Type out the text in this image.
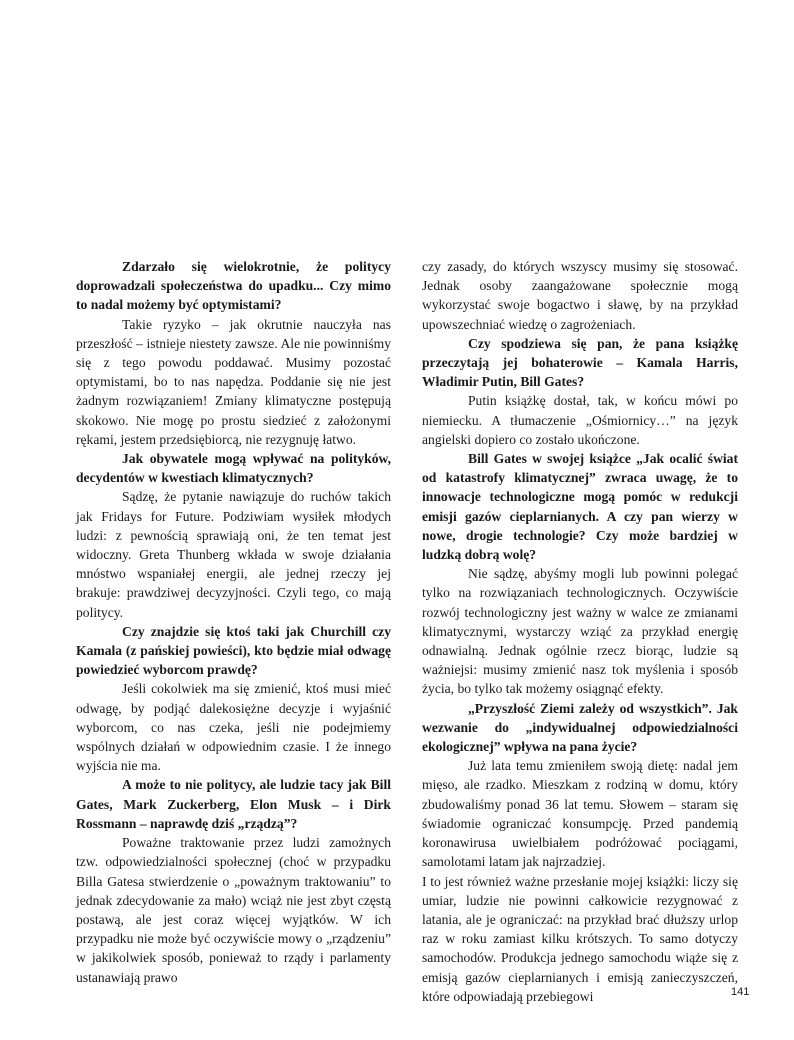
Zdarzało się wielokrotnie, że politycy doprowadzali społeczeństwa do upadku... Czy mimo to nadal możemy być optymistami?

Takie ryzyko – jak okrutnie nauczyła nas przeszłość – istnieje niestety zawsze. Ale nie powinniśmy się z tego powodu poddawać. Musimy pozostać optymistami, bo to nas napędza. Poddanie się nie jest żadnym rozwiązaniem! Zmiany klimatyczne postępują skokowo. Nie mogę po prostu siedzieć z założonymi rękami, jestem przedsiębiorcą, nie rezygnuję łatwo.

Jak obywatele mogą wpływać na polityków, decydentów w kwestiach klimatycznych?

Sądzę, że pytanie nawiązuje do ruchów takich jak Fridays for Future. Podziwiam wysiłek młodych ludzi: z pewnością sprawiają oni, że ten temat jest widoczny. Greta Thunberg wkłada w swoje działania mnóstwo wspaniałej energii, ale jednej rzeczy jej brakuje: prawdziwej decyzyjności. Czyli tego, co mają politycy.

Czy znajdzie się ktoś taki jak Churchill czy Kamala (z pańskiej powieści), kto będzie miał odwagę powiedzieć wyborcom prawdę?

Jeśli cokolwiek ma się zmienić, ktoś musi mieć odwagę, by podjąć dalekosiężne decyzje i wyjaśnić wyborcom, co nas czeka, jeśli nie podejmiemy wspólnych działań w odpowiednim czasie. I że innego wyjścia nie ma.

A może to nie politycy, ale ludzie tacy jak Bill Gates, Mark Zuckerberg, Elon Musk – i Dirk Rossmann – naprawdę dziś „rządzą”?

Poważne traktowanie przez ludzi zamożnych tzw. odpowiedzialności społecznej (choć w przypadku Billa Gatesa stwierdzenie o „poważnym traktowaniu” to jednak zdecydowanie za mało) wciąż nie jest zbyt częstą postawą, ale jest coraz więcej wyjątków. W ich przypadku nie może być oczywiście mowy o „rządzeniu” w jakikolwiek sposób, ponieważ to rządy i parlamenty ustanawiają prawo

czy zasady, do których wszyscy musimy się stosować. Jednak osoby zaangażowane społecznie mogą wykorzystać swoje bogactwo i sławę, by na przykład upowszechniać wiedzę o zagrożeniach.

Czy spodziewa się pan, że pana książkę przeczytają jej bohaterowie – Kamala Harris, Władimir Putin, Bill Gates?

Putin książkę dostał, tak, w końcu mówi po niemiecku. A tłumaczenie „Ośmiornicy…” na język angielski dopiero co zostało ukończone.

Bill Gates w swojej książce „Jak ocalić świat od katastrofy klimatycznej” zwraca uwagę, że to innowacje technologiczne mogą pomóc w redukcji emisji gazów cieplarnianych. A czy pan wierzy w nowe, drogie technologie? Czy może bardziej w ludzką dobrą wolę?

Nie sądzę, abyśmy mogli lub powinni polegać tylko na rozwiązaniach technologicznych. Oczywiście rozwój technologiczny jest ważny w walce ze zmianami klimatycznymi, wystarczy wziąć za przykład energię odnawialną. Jednak ogólnie rzecz biorąc, ludzie są ważniejsi: musimy zmienić nasz tok myślenia i sposób życia, bo tylko tak możemy osiągnąć efekty.

„Przyszłość Ziemi zależy od wszystkich”. Jak wezwanie do „indywidualnej odpowiedzialności ekologicznej” wpływa na pana życie?

Już lata temu zmieniłem swoją dietę: nadal jem mięso, ale rzadko. Mieszkam z rodziną w domu, który zbudowaliśmy ponad 36 lat temu. Słowem – staram się świadomie ograniczać konsumpcję. Przed pandemią koronawirusa uwielbiałem podróżować pociągami, samolotami latam jak najrzadziej.

I to jest również ważne przesłanie mojej książki: liczy się umiar, ludzie nie powinni całkowicie rezygnować z latania, ale je ograniczać: na przykład brać dłuższy urlop raz w roku zamiast kilku krótszych. To samo dotyczy samochodów. Produkcja jednego samochodu wiąże się z emisją gazów cieplarnianych i emisją zanieczyszczeń, które odpowiadają przebiegowi	141
